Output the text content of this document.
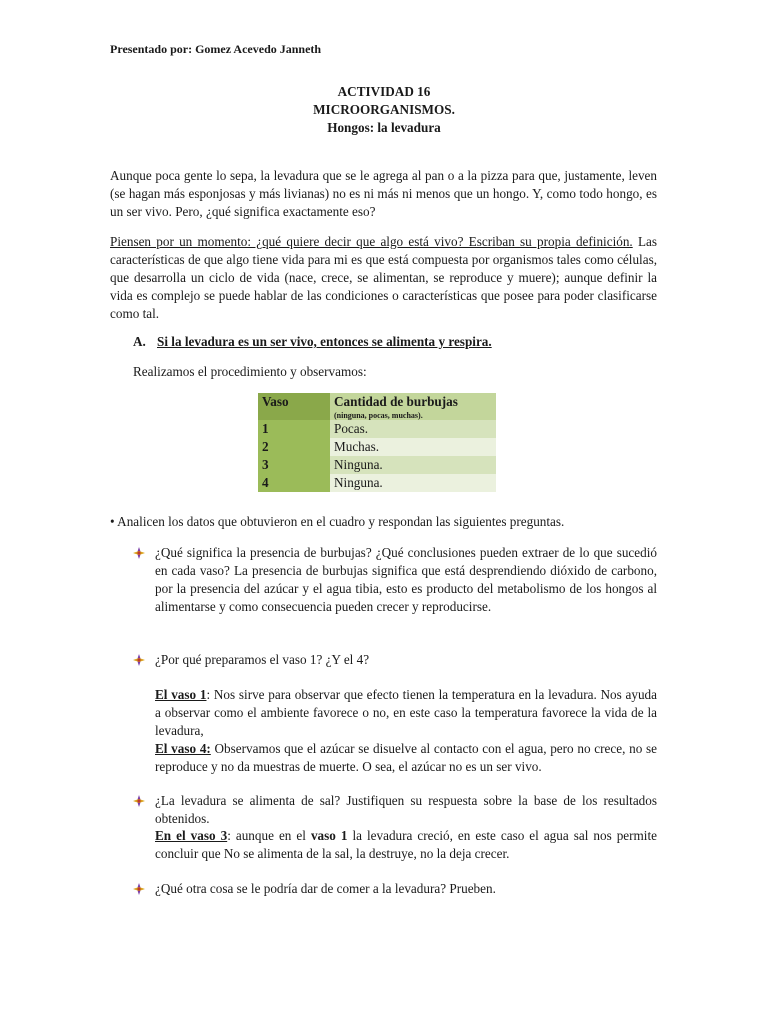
Presentado por: Gomez Acevedo Janneth
ACTIVIDAD 16
MICROORGANISMOS.
Hongos: la levadura
Aunque poca gente lo sepa, la levadura que se le agrega al pan o a la pizza para que, justamente, leven (se hagan más esponjosas y más livianas) no es ni más ni menos que un hongo. Y, como todo hongo, es un ser vivo. Pero, ¿qué significa exactamente eso?
Piensen por un momento: ¿qué quiere decir que algo está vivo? Escriban su propia definición. Las características de que algo tiene vida para mi es que está compuesta por organismos tales como células, que desarrolla un ciclo de vida (nace, crece, se alimentan, se reproduce y muere); aunque definir la vida es complejo se puede hablar de las condiciones o características que posee para poder clasificarse como tal.
A. Si la levadura es un ser vivo, entonces se alimenta y respira.
Realizamos el procedimiento y observamos:
Vaso	Cantidad de burbujas
(ninguna, pocas, muchas).

1	Pocas.
2	Muchas.
3	Ninguna.
4	Ninguna.
• Analicen los datos que obtuvieron en el cuadro y respondan las siguientes preguntas.
¿Qué significa la presencia de burbujas? ¿Qué conclusiones pueden extraer de lo que sucedió en cada vaso? La presencia de burbujas significa que está desprendiendo dióxido de carbono, por la presencia del azúcar y el agua tibia, esto es producto del metabolismo de los hongos al alimentarse y como consecuencia pueden crecer y reproducirse.
¿Por qué preparamos el vaso 1? ¿Y el 4?
El vaso 1: Nos sirve para observar que efecto tienen la temperatura en la levadura. Nos ayuda a observar como el ambiente favorece o no, en este caso la temperatura favorece la vida de la levadura,
El vaso 4: Observamos que el azúcar se disuelve al contacto con el agua, pero no crece, no se reproduce y no da muestras de muerte. O sea, el azúcar no es un ser vivo.
¿La levadura se alimenta de sal? Justifiquen su respuesta sobre la base de los resultados obtenidos.
En el vaso 3: aunque en el vaso 1 la levadura creció, en este caso el agua sal nos permite concluir que No se alimenta de la sal, la destruye, no la deja crecer.
¿Qué otra cosa se le podría dar de comer a la levadura? Prueben.
